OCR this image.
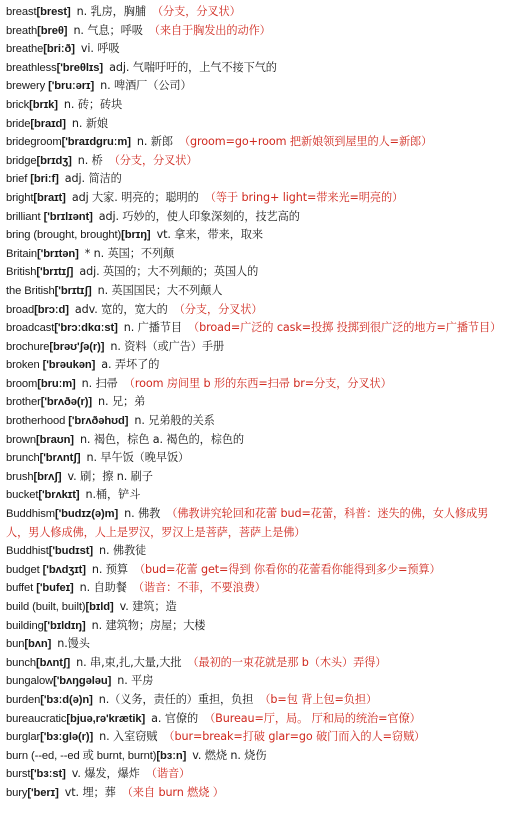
breast[brest] n. 乳房，胸脯 （分支，分叉状）
breath[breθ] n. 气息；呼吸 （来自于胸发出的动作）
breathe[briːð] vi. 呼吸
breathless['breθlɪs] adj. 气喘吁吁的，上气不接下气的
brewery ['bruːərɪ] n. 啤酒厂（公司）
brick[brɪk] n. 砖；砖块
bride[braɪd] n. 新娘
bridegroom['braɪdgruːm] n. 新郎 （groom=go+room 把新娘领到屋里的人=新郎）
bridge[brɪdʒ] n. 桥 （分支，分叉状）
brief [briːf] adj. 简洁的
bright[braɪt] adj 大家. 明亮的；聪明的 （等于 bring+ light=带来光=明亮的）
brilliant ['brɪlɪənt] adj. 巧妙的，使人印象深刻的，技艺高的
bring (brought, brought)[brɪŋ] vt. 拿来，带来，取来
Britain['brɪtən] * n. 英国；不列颠
British['brɪtɪʃ] adj. 英国的；大不列颠的；英国人的
the British['brɪtɪʃ] n. 英国国民；大不列颠人
broad[brɔːd] adv. 宽的，宽大的 （分支，分叉状）
broadcast['brɔːdkɑːst] n. 广播节目 （broad=广泛的 cask=投掷 投掷到很广泛的地方=广播节目）
brochure[brəʊ'ʃə(r)] n. 资料（或广告）手册
broken ['brəukən] a. 弄坏了的
broom[bruːm] n. 扫帚 （room 房间里 b 形的东西=扫帚 br=分支，分叉状）
brother['brʌðə(r)] n. 兄；弟
brotherhood ['brʌðəhʊd] n. 兄弟般的关系
brown[braʊn] n. 褐色，棕色 a. 褐色的，棕色的
brunch['brʌntʃ] n. 早午饭（晚早饭）
brush[brʌʃ] v. 刷；擦 n. 刷子
bucket['brʌkɪt] n.桶，铲斗
Buddhism['budɪz(ə)m] n. 佛教 （佛教讲究轮回和花蕾 bud=花蕾，科普：迷失的佛，女人修成男人，男人修成佛，人上是罗汉，罗汉上是菩萨，菩萨上是佛）
Buddhist['budɪst] n. 佛教徒
budget ['bʌdʒɪt] n. 预算 （bud=花蕾 get=得到 你看你的花蕾看你能得到多少=预算）
buffet ['bufeɪ] n. 自助餐 （谐音：不菲，不要浪费）
build (built, built)[bɪld] v. 建筑；造
building['bɪldɪŋ] n. 建筑物；房屋；大楼
bun[bʌn] n.馒头
bunch[bʌntʃ] n. 串,束,扎,大量,大批 （最初的一束花就是那 b（木头）弄得）
bungalow['bʌŋgələu] n. 平房
burden['bɜːd(ə)n] n.（义务，责任的）重担，负担 （b=包 背上包=负担）
bureaucratic[bjuə,rə'krætik] a. 官僚的 （Bureau=厅，局。 厅和局的统治=官僚）
burglar['bɜːglə(r)] n. 入室窃贼 （bur=break=打破 glar=go 破门而入的人=窃贼）
burn (--ed, --ed 或 burnt, burnt)[bɜːn] v. 燃烧 n. 烧伤
burst['bɜːst] v. 爆发，爆炸 （谐音）
bury['berɪ] vt. 埋；葬 （来自 burn 燃烧 ）
